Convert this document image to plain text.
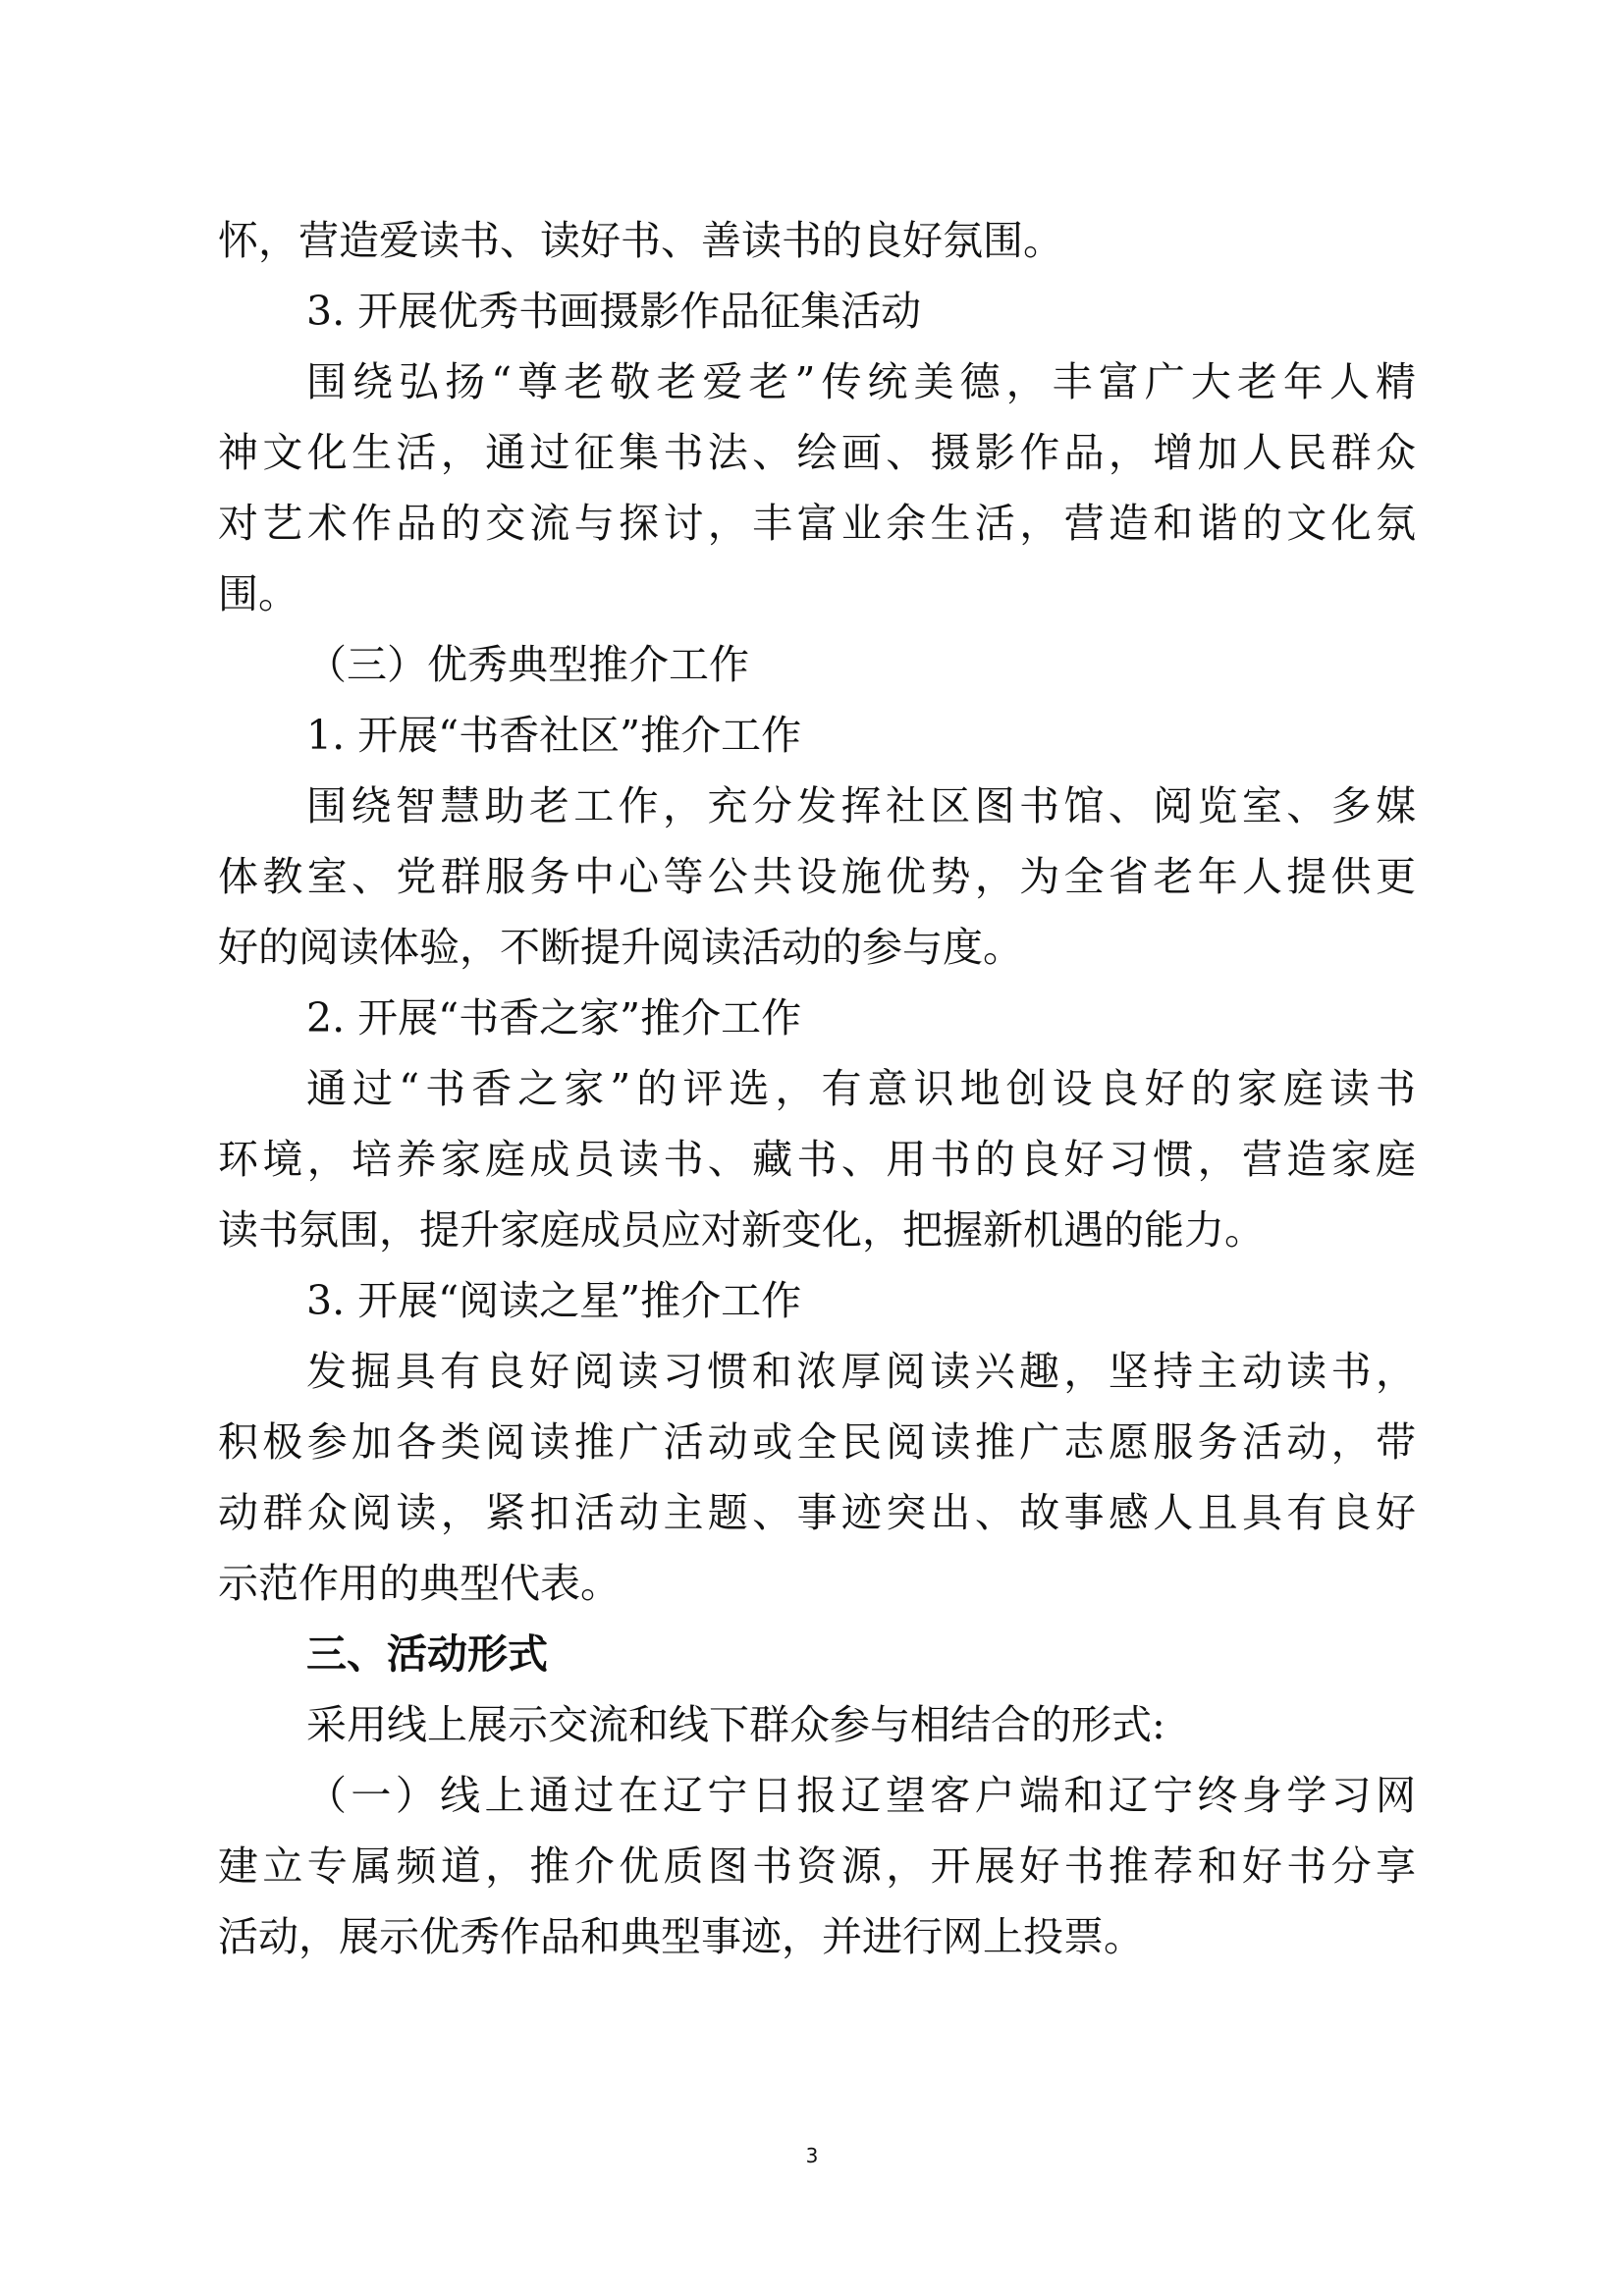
怀，营造爱读书、读好书、善读书的良好氛围。
3. 开展优秀书画摄影作品征集活动
围绕弘扬“尊老敬老爱老”传统美德，丰富广大老年人精
神文化生活，通过征集书法、绘画、摄影作品，增加人民群众
对艺术作品的交流与探讨，丰富业余生活，营造和谐的文化氛
围。
（三）优秀典型推介工作
1. 开展“书香社区”推介工作
围绕智慧助老工作，充分发挥社区图书馆、阅览室、多媒
体教室、党群服务中心等公共设施优势，为全省老年人提供更
好的阅读体验，不断提升阅读活动的参与度。
2. 开展“书香之家”推介工作
通过“书香之家”的评选，有意识地创设良好的家庭读书
环境，培养家庭成员读书、藏书、用书的良好习惯，营造家庭
读书氛围，提升家庭成员应对新变化，把握新机遇的能力。
3. 开展“阅读之星”推介工作
发掘具有良好阅读习惯和浓厚阅读兴趣，坚持主动读书，
积极参加各类阅读推广活动或全民阅读推广志愿服务活动，带
动群众阅读，紧扣活动主题、事迹突出、故事感人且具有良好
示范作用的典型代表。
三、活动形式
采用线上展示交流和线下群众参与相结合的形式:
（一）线上通过在辽宁日报辽望客户端和辽宁终身学习网
建立专属频道，推介优质图书资源，开展好书推荐和好书分享
活动，展示优秀作品和典型事迹，并进行网上投票。
3
